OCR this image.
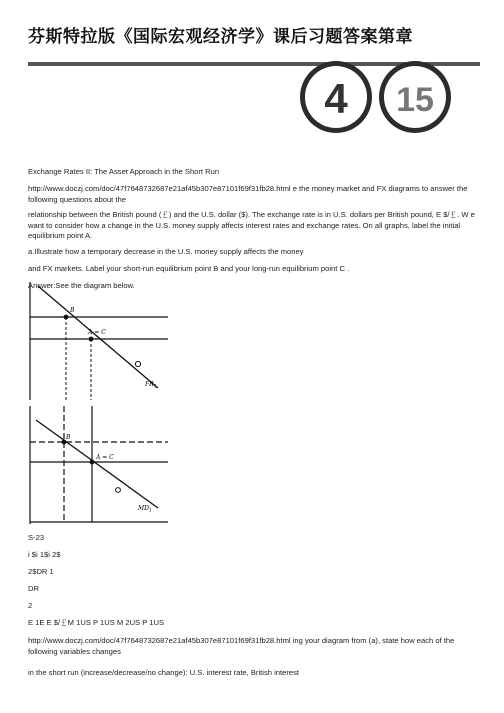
芬斯特拉版《国际宏观经济学》课后习题答案第章
4 15
Exchange Rates II: The Asset Approach in the Short Run
http://www.doczj.com/doc/47f7648732687e21af45b307e87101f69f31fb28.html e the money market and FX diagrams to answer the following questions about the
relationship between the British pound (￡) and the U.S. dollar ($). The exchange rate is in U.S. dollars per British pound, E $/￡. W e want to consider how a change in the U.S. money supply affects interest rates and exchange rates. On all graphs, label the initial equilibrium point A.
a.Illustrate how a temporary decrease in the U.S. money supply affects the money
and FX markets. Label your short-run equilibrium point B and your long-run equilibrium point C .
Answer:See the diagram below.
B
A = C
$FR_1$
B
A = C
$MD_1$
S-23
i $i 1$i 2$
2$DR 1
DR
2
E 1E E $/￡M 1US P 1US M 2US P 1US
http://www.doczj.com/doc/47f7648732687e21af45b307e87101f69f31fb28.html ing your diagram from (a), state how each of the following variables changes
in the short run (increase/decrease/no change): U.S. interest rate, British interest
